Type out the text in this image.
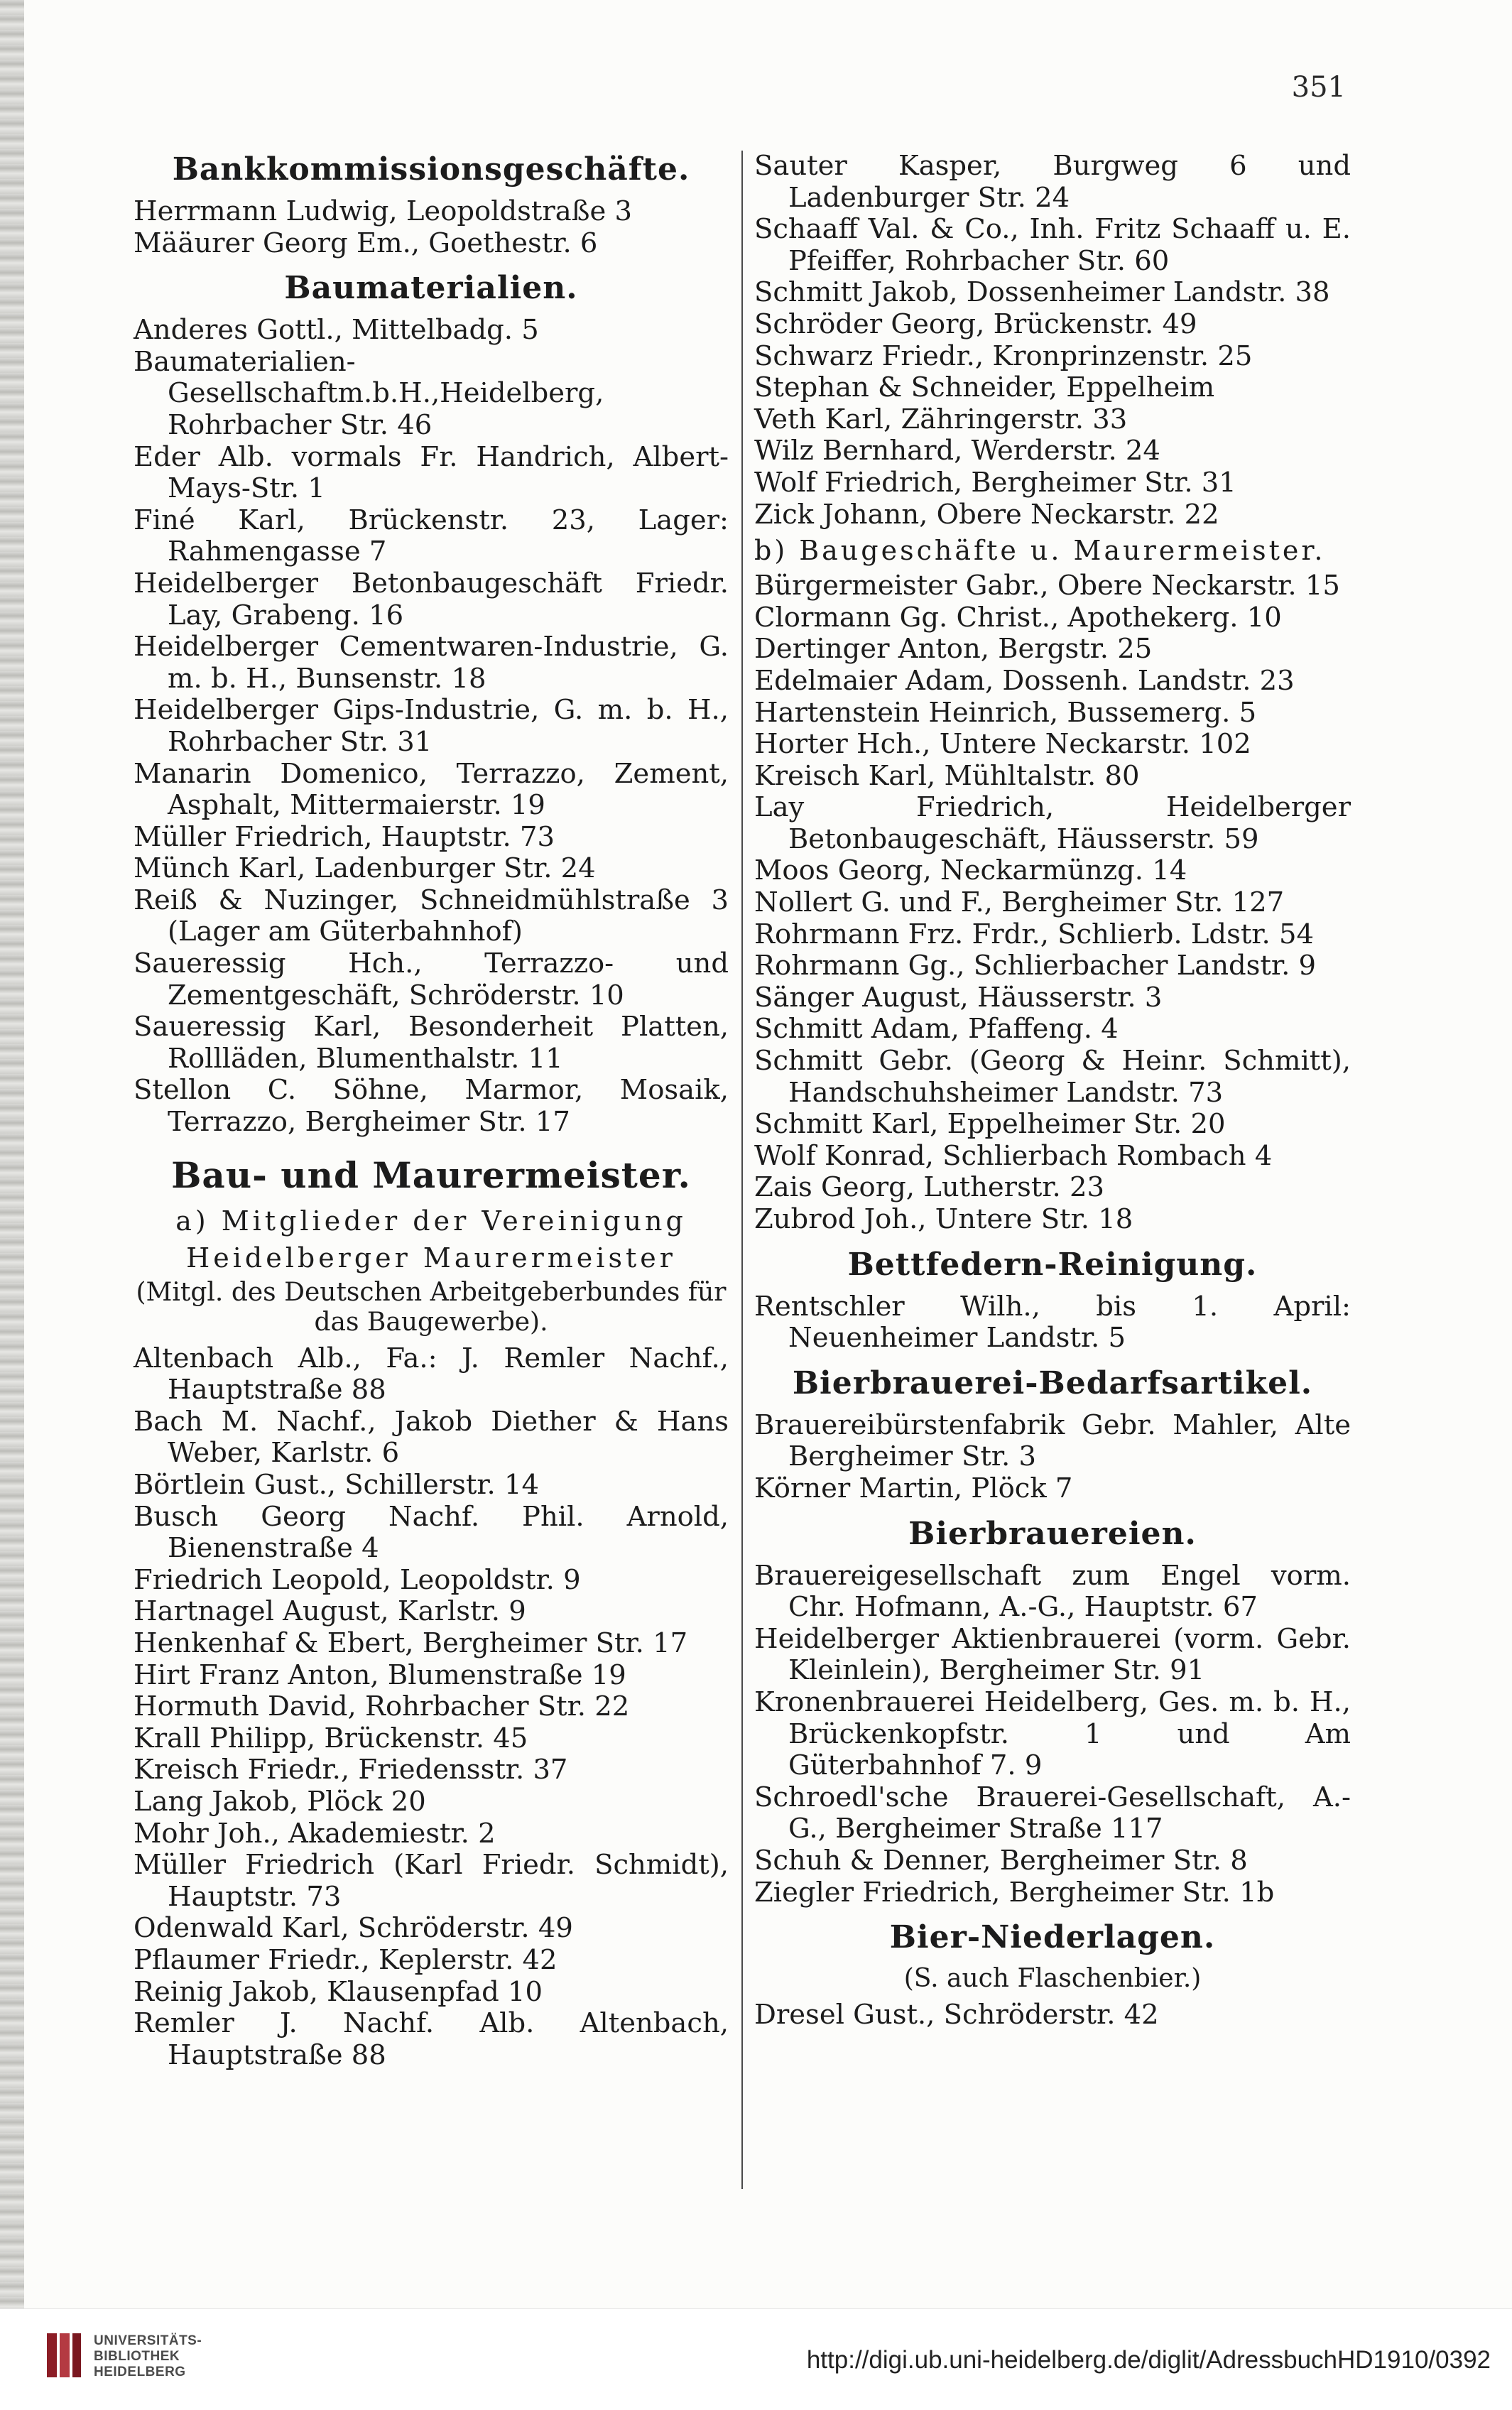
351
Bankkommissionsgeschäfte.
Herrmann Ludwig, Leopoldstraße 3
Määurer Georg Em., Goethestr. 6
Baumaterialien.
Anderes Gottl., Mittelbadg. 5
Baumaterialien-Gesellschaftm.b.H.,Heidelberg, Rohrbacher Str. 46
Eder Alb. vormals Fr. Handrich, Albert-Mays-Str. 1
Finé Karl, Brückenstr. 23, Lager: Rahmengasse 7
Heidelberger Betonbaugeschäft Friedr. Lay, Grabeng. 16
Heidelberger Cementwaren-Industrie, G. m. b. H., Bunsenstr. 18
Heidelberger Gips-Industrie, G. m. b. H., Rohrbacher Str. 31
Manarin Domenico, Terrazzo, Zement, Asphalt, Mittermaierstr. 19
Müller Friedrich, Hauptstr. 73
Münch Karl, Ladenburger Str. 24
Reiß & Nuzinger, Schneidmühlstraße 3 (Lager am Güterbahnhof)
Saueressig Hch., Terrazzo- und Zementgeschäft, Schröderstr. 10
Saueressig Karl, Besonderheit Platten, Rollläden, Blumenthalstr. 11
Stellon C. Söhne, Marmor, Mosaik, Terrazzo, Bergheimer Str. 17
Bau- und Maurermeister.
a) Mitglieder der Vereinigung
Heidelberger Maurermeister
(Mitgl. des Deutschen Arbeitgeberbundes für das Baugewerbe).
Altenbach Alb., Fa.: J. Remler Nachf., Hauptstraße 88
Bach M. Nachf., Jakob Diether & Hans Weber, Karlstr. 6
Börtlein Gust., Schillerstr. 14
Busch Georg Nachf. Phil. Arnold, Bienenstraße 4
Friedrich Leopold, Leopoldstr. 9
Hartnagel August, Karlstr. 9
Henkenhaf & Ebert, Bergheimer Str. 17
Hirt Franz Anton, Blumenstraße 19
Hormuth David, Rohrbacher Str. 22
Krall Philipp, Brückenstr. 45
Kreisch Friedr., Friedensstr. 37
Lang Jakob, Plöck 20
Mohr Joh., Akademiestr. 2
Müller Friedrich (Karl Friedr. Schmidt), Hauptstr. 73
Odenwald Karl, Schröderstr. 49
Pflaumer Friedr., Keplerstr. 42
Reinig Jakob, Klausenpfad 10
Remler J. Nachf. Alb. Altenbach, Hauptstraße 88
Sauter Kasper, Burgweg 6 und Ladenburger Str. 24
Schaaff Val. & Co., Inh. Fritz Schaaff u. E. Pfeiffer, Rohrbacher Str. 60
Schmitt Jakob, Dossenheimer Landstr. 38
Schröder Georg, Brückenstr. 49
Schwarz Friedr., Kronprinzenstr. 25
Stephan & Schneider, Eppelheim
Veth Karl, Zähringerstr. 33
Wilz Bernhard, Werderstr. 24
Wolf Friedrich, Bergheimer Str. 31
Zick Johann, Obere Neckarstr. 22
b) Baugeschäfte u. Maurermeister.
Bürgermeister Gabr., Obere Neckarstr. 15
Clormann Gg. Christ., Apothekerg. 10
Dertinger Anton, Bergstr. 25
Edelmaier Adam, Dossenh. Landstr. 23
Hartenstein Heinrich, Bussemerg. 5
Horter Hch., Untere Neckarstr. 102
Kreisch Karl, Mühltalstr. 80
Lay Friedrich, Heidelberger Betonbaugeschäft, Häusserstr. 59
Moos Georg, Neckarmünzg. 14
Nollert G. und F., Bergheimer Str. 127
Rohrmann Frz. Frdr., Schlierb. Ldstr. 54
Rohrmann Gg., Schlierbacher Landstr. 9
Sänger August, Häusserstr. 3
Schmitt Adam, Pfaffeng. 4
Schmitt Gebr. (Georg & Heinr. Schmitt), Handschuhsheimer Landstr. 73
Schmitt Karl, Eppelheimer Str. 20
Wolf Konrad, Schlierbach Rombach 4
Zais Georg, Lutherstr. 23
Zubrod Joh., Untere Str. 18
Bettfedern-Reinigung.
Rentschler Wilh., bis 1. April: Neuenheimer Landstr. 5
Bierbrauerei-Bedarfsartikel.
Brauereibürstenfabrik Gebr. Mahler, Alte Bergheimer Str. 3
Körner Martin, Plöck 7
Bierbrauereien.
Brauereigesellschaft zum Engel vorm. Chr. Hofmann, A.-G., Hauptstr. 67
Heidelberger Aktienbrauerei (vorm. Gebr. Kleinlein), Bergheimer Str. 91
Kronenbrauerei Heidelberg, Ges. m. b. H., Brückenkopfstr. 1 und Am Güterbahnhof 7. 9
Schroedl'sche Brauerei-Gesellschaft, A.-G., Bergheimer Straße 117
Schuh & Denner, Bergheimer Str. 8
Ziegler Friedrich, Bergheimer Str. 1b
Bier-Niederlagen.
(S. auch Flaschenbier.)
Dresel Gust., Schröderstr. 42
UNIVERSITÄTS-
BIBLIOTHEK
HEIDELBERG	http://digi.ub.uni-heidelberg.de/diglit/AdressbuchHD1910/0392
